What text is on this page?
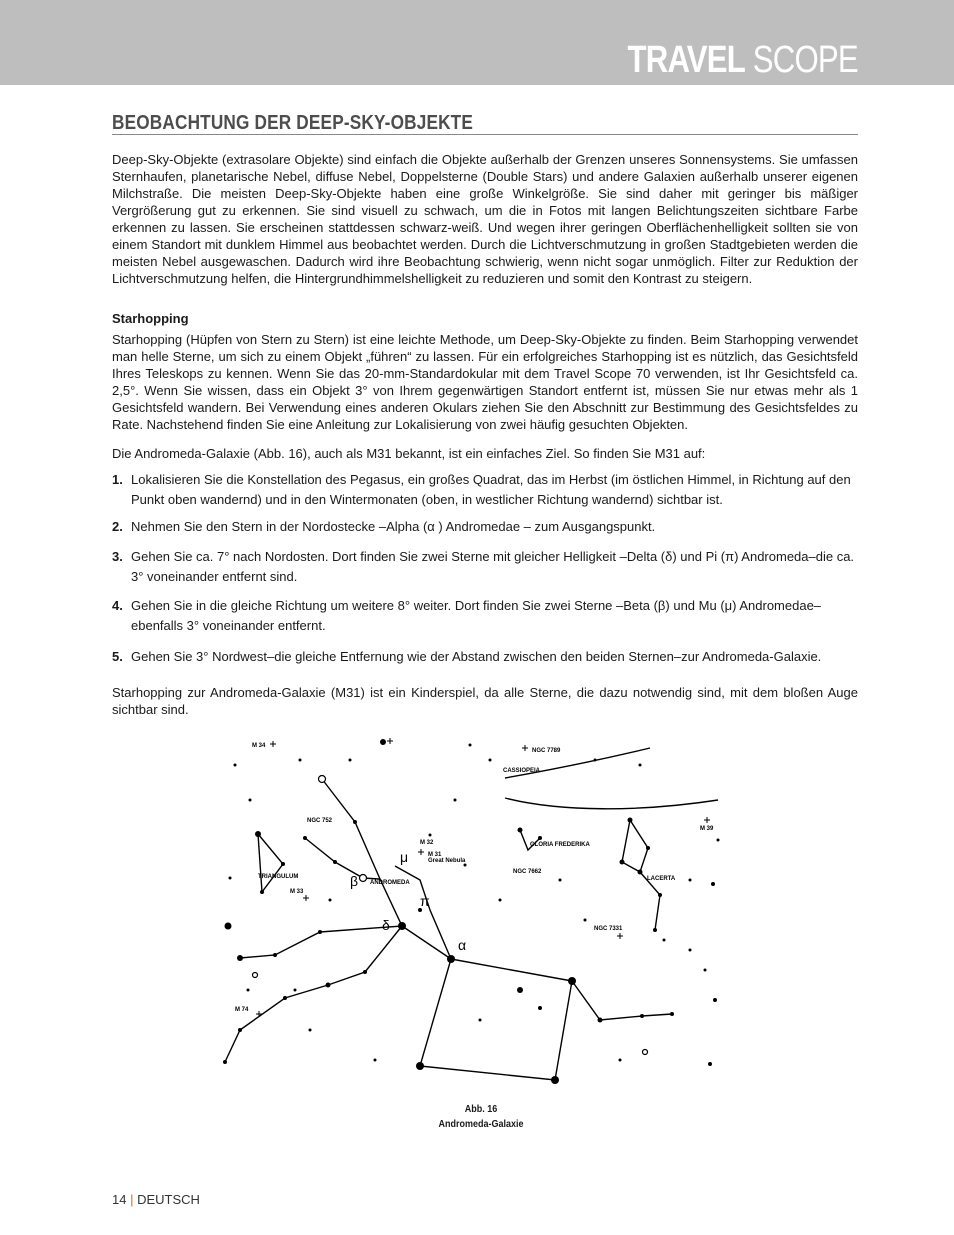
TRAVEL SCOPE
BEOBACHTUNG DER DEEP-SKY-OBJEKTE
Deep-Sky-Objekte (extrasolare Objekte) sind einfach die Objekte außerhalb der Grenzen unseres Sonnensystems. Sie umfassen Sternhaufen, planetarische Nebel, diffuse Nebel, Doppelsterne (Double Stars) und andere Galaxien außerhalb unserer eigenen Milchstraße. Die meisten Deep-Sky-Objekte haben eine große Winkelgröße. Sie sind daher mit geringer bis mäßiger Vergrößerung gut zu erkennen. Sie sind visuell zu schwach, um die in Fotos mit langen Belichtungszeiten sichtbare Farbe erkennen zu lassen. Sie erscheinen stattdessen schwarz-weiß. Und wegen ihrer geringen Oberflächenhelligkeit sollten sie von einem Standort mit dunklem Himmel aus beobachtet werden. Durch die Lichtverschmutzung in großen Stadtgebieten werden die meisten Nebel ausgewaschen. Dadurch wird ihre Beobachtung schwierig, wenn nicht sogar unmöglich. Filter zur Reduktion der Lichtverschmutzung helfen, die Hintergrundhimmelshelligkeit zu reduzieren und somit den Kontrast zu steigern.
Starhopping
Starhopping (Hüpfen von Stern zu Stern) ist eine leichte Methode, um Deep-Sky-Objekte zu finden. Beim Starhopping verwendet man helle Sterne, um sich zu einem Objekt „führen“ zu lassen. Für ein erfolgreiches Starhopping ist es nützlich, das Gesichtsfeld Ihres Teleskops zu kennen. Wenn Sie das 20-mm-Standardokular mit dem Travel Scope 70 verwenden, ist Ihr Gesichtsfeld ca. 2,5°. Wenn Sie wissen, dass ein Objekt 3° von Ihrem gegenwärtigen Standort entfernt ist, müssen Sie nur etwas mehr als 1 Gesichtsfeld wandern. Bei Verwendung eines anderen Okulars ziehen Sie den Abschnitt zur Bestimmung des Gesichtsfeldes zu Rate. Nachstehend finden Sie eine Anleitung zur Lokalisierung von zwei häufig gesuchten Objekten.
Die Andromeda-Galaxie (Abb. 16), auch als M31 bekannt, ist ein einfaches Ziel. So finden Sie M31 auf:
1. Lokalisieren Sie die Konstellation des Pegasus, ein großes Quadrat, das im Herbst (im östlichen Himmel, in Richtung auf den Punkt oben wandernd) und in den Wintermonaten (oben, in westlicher Richtung wandernd) sichtbar ist.
2. Nehmen Sie den Stern in der Nordostecke –Alpha (α ) Andromedae – zum Ausgangspunkt.
3. Gehen Sie ca. 7° nach Nordosten. Dort finden Sie zwei Sterne mit gleicher Helligkeit –Delta (δ) und Pi (π) Andromeda–die ca. 3° voneinander entfernt sind.
4. Gehen Sie in die gleiche Richtung um weitere 8° weiter. Dort finden Sie zwei Sterne –Beta (β) und Mu (μ) Andromedae–ebenfalls 3° voneinander entfernt.
5. Gehen Sie 3° Nordwest–die gleiche Entfernung wie der Abstand zwischen den beiden Sternen–zur Andromeda-Galaxie.
Starhopping zur Andromeda-Galaxie (M31) ist ein Kinderspiel, da alle Sterne, die dazu notwendig sind, mit dem bloßen Auge sichtbar sind.
M 34
NGC 7789
CASSIOPEIA
NGC 752
M 32
M 31
Great Nebula
GLORIA FREDERIKA
M 39
NGC 7662
TRIANGULUM
ANDROMEDA
LACERTA
M 33
NGC 7331
M 74
μ
β
π
δ
α
Abb. 16
Andromeda-Galaxie
14 | DEUTSCH
